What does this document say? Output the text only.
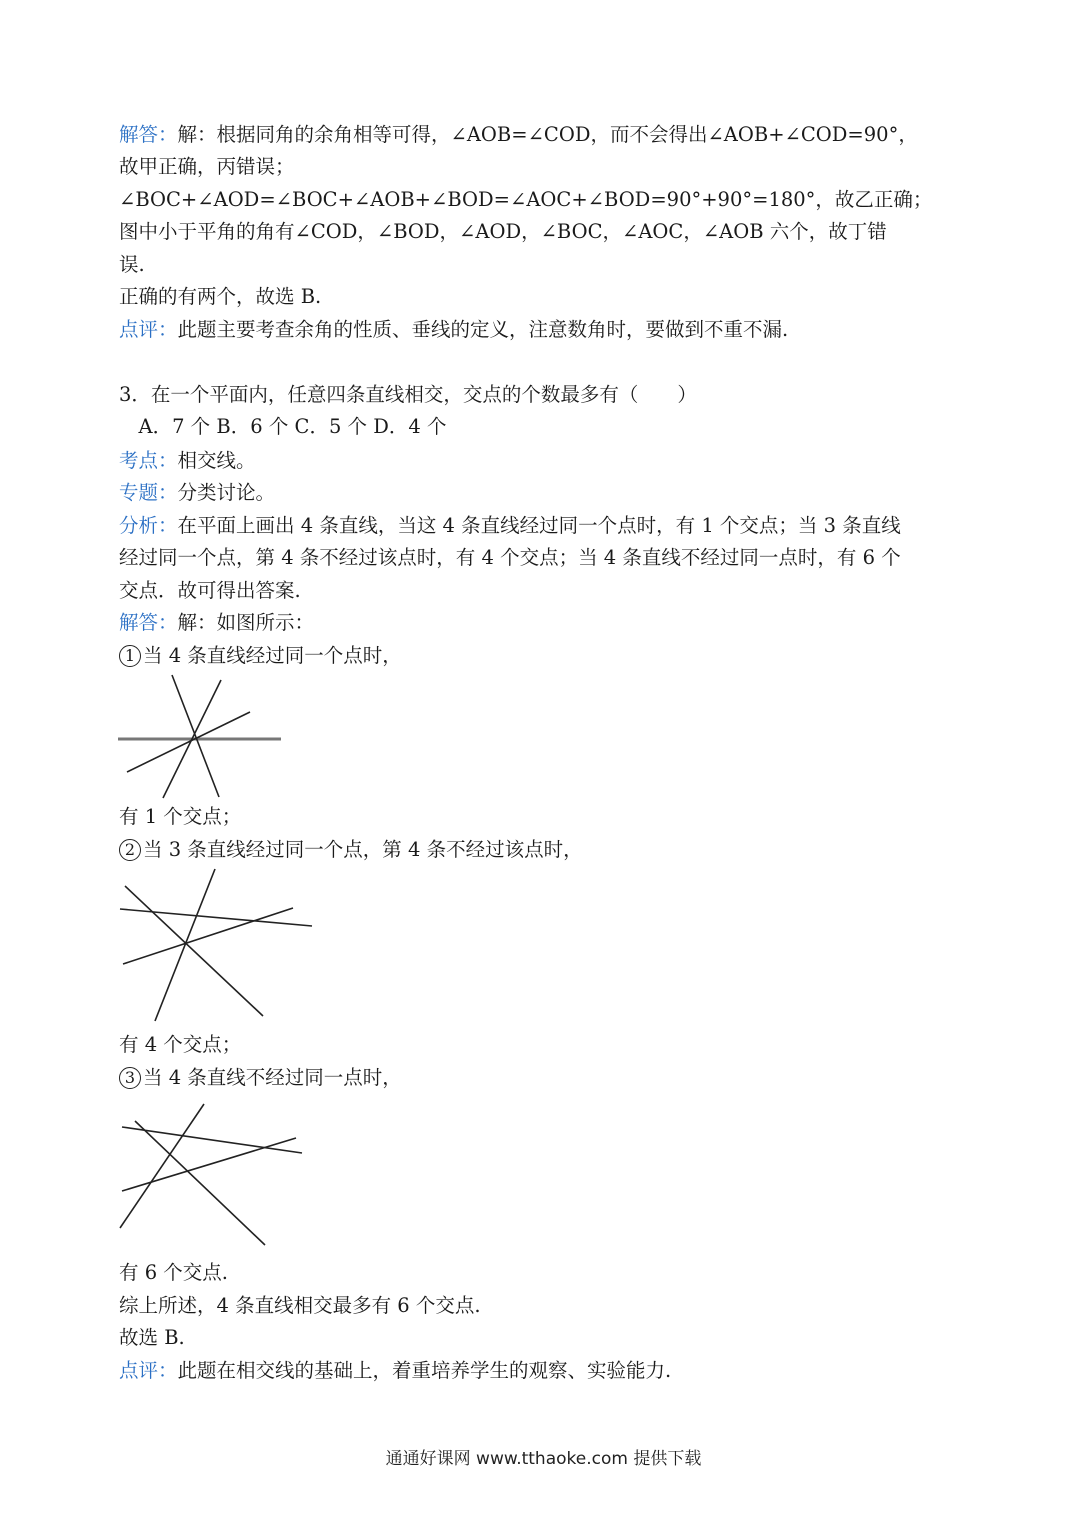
解答：解：根据同角的余角相等可得，∠AOB=∠COD，而不会得出∠AOB+∠COD=90°，
故甲正确，丙错误；
∠BOC+∠AOD=∠BOC+∠AOB+∠BOD=∠AOC+∠BOD=90°+90°=180°，故乙正确；
图中小于平角的角有∠COD，∠BOD，∠AOD，∠BOC，∠AOC，∠AOB 六个，故丁错
误.
正确的有两个，故选 B.
点评：此题主要考查余角的性质、垂线的定义，注意数角时，要做到不重不漏.
3．在一个平面内，任意四条直线相交，交点的个数最多有（　　）
　A．7 个 B．6 个 C．5 个 D．4 个
考点：相交线。
专题：分类讨论。
分析：在平面上画出 4 条直线，当这 4 条直线经过同一个点时，有 1 个交点；当 3 条直线
经过同一个点，第 4 条不经过该点时，有 4 个交点；当 4 条直线不经过同一点时，有 6 个
交点．故可得出答案.
解答：解：如图所示：
1 当 4 条直线经过同一个点时，
有 1 个交点；
2 当 3 条直线经过同一个点，第 4 条不经过该点时，
有 4 个交点；
3 当 4 条直线不经过同一点时，
有 6 个交点.
综上所述，4 条直线相交最多有 6 个交点.
故选 B.
点评：此题在相交线的基础上，着重培养学生的观察、实验能力.
通通好课网 www.tthaoke.com 提供下载
